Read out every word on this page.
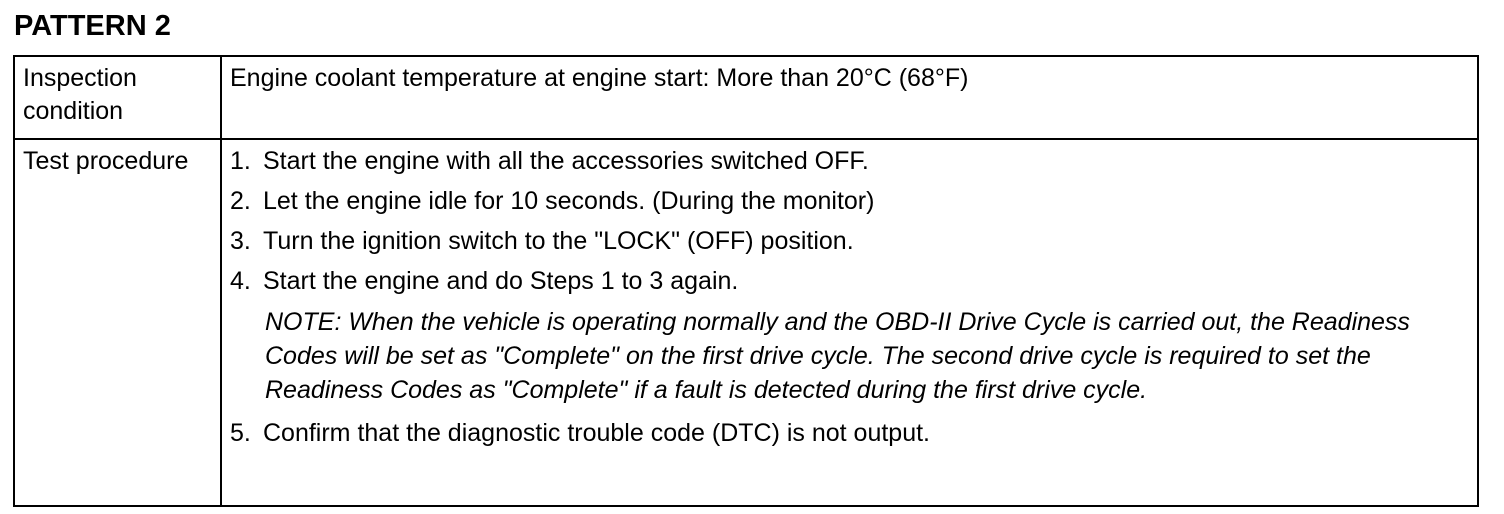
PATTERN 2
Inspection condition	Engine coolant temperature at engine start: More than 20°C (68°F)
Test procedure	1. Start the engine with all the accessories switched OFF.
2. Let the engine idle for 10 seconds. (During the monitor)
3. Turn the ignition switch to the "LOCK" (OFF) position.
4. Start the engine and do Steps 1 to 3 again.
NOTE: When the vehicle is operating normally and the OBD-II Drive Cycle is carried out, the Readiness Codes will be set as "Complete" on the first drive cycle. The second drive cycle is required to set the Readiness Codes as "Complete" if a fault is detected during the first drive cycle.
5. Confirm that the diagnostic trouble code (DTC) is not output.
